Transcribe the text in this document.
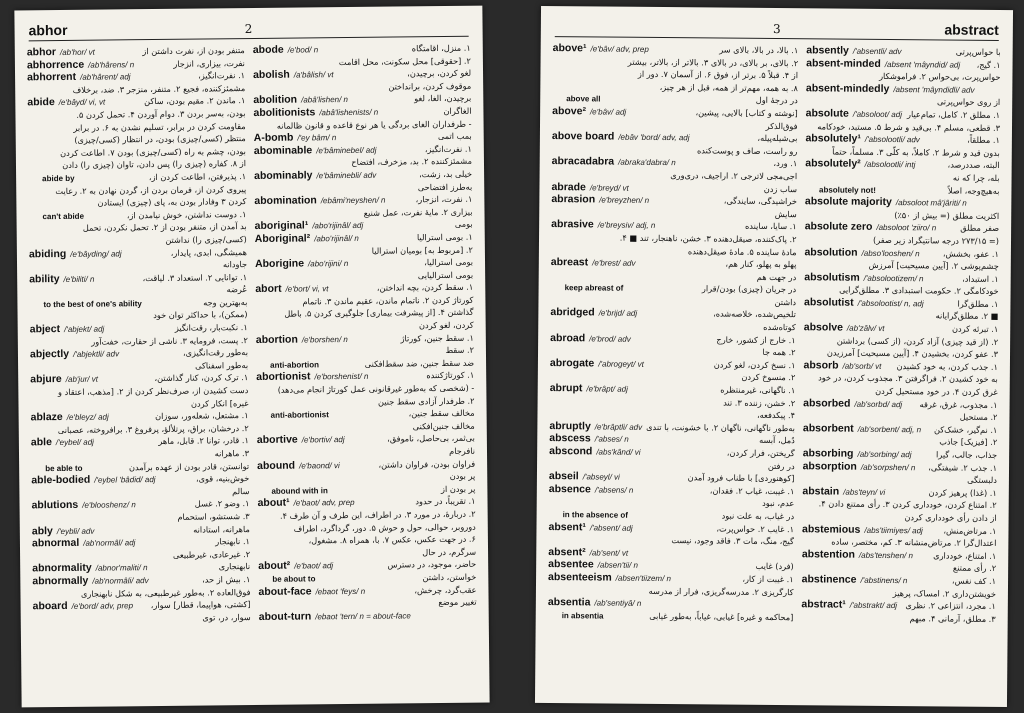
abhor	2
abhor /ab'hor/ vt	متنفر بودن از، نفرت داشتن از
abhorrence /ab'hârens/ n	نفرت، بیزاری، انزجار
abhorrent /ab'hârent/ adj	۱. نفرت‌انگیز،
مشمئزکننده، فجیع ۲. متنفر، منزجر ۳. ضد، برخلاف
abide /e'bâyd/ vi, vt	۱. ماندن ۲. مقیم بودن، ساکن
بودن، به‌سر بردن ۳. دوام آوردن ۴. تحمل کردن ۵.
مقاومت کردن در برابر، تسلیم نشدن به ۶. در برابر
منتظر (کسی/چیزی) بودن، در انتظار (کسی/چیزی)
بودن، چشم به راه (کسی/چیزی) بودن ۷. اطاعت کردن
از ۸. کفاره (چیزی را) پس دادن، تاوان (چیزی را) دادن
abide by	۱. پذیرفتن، اطاعت کردن از،
پیروی کردن از، فرمان بردن از، گردن نهادن به ۲. رعایت
کردن ۳ وفادار بودن به، پای (چیزی) ایستادن
can't abide	۱. دوست نداشتن، خوش نیامدن از،
بد آمدن از، متنفر بودن از ۲. تحمل نکردن، تحمل
(کسی/چیزی را) نداشتن
abiding /e'bâyding/ adj	همیشگی، ابدی، پایدار،
جاودانه
ability /e'biliti/ n	۱. توانایی ۲. استعداد ۳. لیاقت،
عُرضه
to the best of one's ability	به‌بهترین وجه
(ممکن)، با حداکثر توان خود
abject /'abjekt/ adj	۱. نکبت‌بار، رقت‌انگیز
۲. پست، فرومایه ۳. ناشی از حقارت، خفت‌آور
abjectly /'abjektli/ adv	به‌طور رقت‌انگیزی،
به‌طور اسفناکی
abjure /ab'jur/ vt	۱. ترک کردن، کنار گذاشتن،
دست کشیدن از، صرف‌نظر کردن از ۲. [مذهب، اعتقاد و
غیره] انکار کردن
ablaze /e'bleyz/ adj	۱. مشتعل، شعله‌ور، سوزان
۲. درخشان، براق، پرتلألؤ، پرفروغ ۳. برافروخته، عصبانی
able /'eybel/ adj	۱. قادر، توانا ۲. قابل، ماهر
۳. ماهرانه
be able to	توانستن، قادر بودن از عهده برآمدن
able-bodied /'eybel 'bâdid/ adj	خوش‌بنیه، قوی،
سالم
ablutions /e'blooshenz/ n	۱. وضو ۲. غسل
۳. شستشو، استحمام
ably /'eybli/ adv	ماهرانه، استادانه
abnormal /ab'normâl/ adj	۱. نابهنجار
۲. غیرعادی، غیرطبیعی
abnormality /abnor'maliti/ n	نابهنجاری
abnormally /ab'normâli/ adv	۱. بیش از حد،
فوق‌العاده ۲. به‌طور غیرطبیعی، به شکل نابهنجاری
aboard /e'bord/ adv, prep	[کشتی، هواپیما، قطار] سوار،
سوار، در، توی
abode /e'bod/ n	۱. منزل، اقامتگاه
۲. [حقوقی] محل سکونت، محل اقامت
abolish /a'bâlish/ vt	لغو کردن، برچیدن،
موقوف کردن، برانداختن
abolition /abâ'lishen/ n	برچیدن، الغا، لغو
abolitionists /abâ'lishenists/ n	الغاگران
- طرفداران الغای بردگی یا هر نوع قاعده و قانون ظالمانه
A-bomb /'ey bâm/ n	بمب اتمی
abominable /e'bâminebel/ adj	۱. نفرت‌انگیز،
مشمئزکننده ۲. بد، مزخرف، افتضاح
abominably /e'bâminebli/ adv	خیلی بد، زشت،
به‌طرز افتضاحی
abomination /ebâmi'neyshen/ n	۱. نفرت، انزجار،
بیزاری ۲. مایهٔ نفرت، عمل شنیع
aboriginal¹ /abo'rijinâl/ adj	بومی
Aboriginal² /abo'rijinâl/ n	۱. بومی استرالیا
۲. [مربوط به] بومیان استرالیا
Aborigine /abo'rijini/ n	بومی استرالیا،
بومی استرالیایی
abort /e'bort/ vi, vt	۱. سقط کردن، بچه انداختن،
کورتاژ کردن ۲. ناتمام ماندن، عقیم ماندن ۳. ناتمام
گذاشتن ۴. [از پیشرفت بیماری] جلوگیری کردن ۵. باطل
کردن، لغو کردن
abortion /e'borshen/ n	۱. سقط جنین، کورتاژ
۲. سقط
anti-abortion	ضد سقط جنین، ضد سقط‌افکنی
abortionist /e'borshenist/ n	۱. کورتاژکننده
- (شخصی که به‌طور غیرقانونی عمل کورتاژ انجام می‌دهد)
۲. طرفدار آزادی سقط جنین
anti-abortionist	مخالف سقط جنین،
مخالف جنین‌افکنی
abortive /e'bortiv/ adj	بی‌ثمر، بی‌حاصل، ناموفق،
نافرجام
abound /e'baond/ vi	فراوان بودن، فراوان داشتن،
پر بودن
abound with in	پر بودن از
about¹ /e'baot/ adv, prep	۱. تقریباً، در حدود
۲. دربارهٔ، در مورد ۳. در اطراف، این طرف و آن طرف ۴.
دوروبر، حوالی، حول و حوش ۵. دور، گرداگرد، اطراف
۶. در جهت عکس، عکس ۷. با، همراه ۸. مشغول،
سرگرم، در حال
about² /e'baot/ adj	حاضر، موجود، در دسترس
be about to	خواستن، داشتن
about-face /ebaot 'feys/ n	عقب‌گرد، چرخش،
تغییر موضع
about-turn /ebaot 'tern/ n = about-face
3	abstract
above¹ /e'bâv/ adv, prep	۱. بالا، در بالا، بالای سر
۲. بالای، بر بالای، در بالای ۳. بالاتر از، بالاتر، بیشتر
از ۴. قبلاً ۵. برتر از، فوق ۶. از آسمان ۷. دور از
۸. به همه، مهم‌تر از همه، قبل از هر چیز،
above all	در درجهٔ اول
above² /e'bâv/ adj	[نوشته و کتاب] بالایی، پیشین،
فوق‌الذکر
above board /ebâv 'bord/ adv, adj	بی‌شیله‌پیله،
رو راست، صاف و پوست‌کنده
abracadabra /abraka'dabra/ n	۱. ورد،
اجی‌مجی لاترجی ۲. اراجیف، دری‌وری
abrade /e'breyd/ vt	ساب زدن
abrasion /e'breyzhen/ n	خراشیدگی، سایندگی،
سایش
abrasive /e'breysiv/ adj, n	۱. سایا، ساینده
۲. پاک‌کننده، صیقل‌دهنده ۳. خشن، ناهنجار، تند ■ ۴.
مادهٔ ساینده ۵. مادهٔ صیقل‌دهنده
abreast /e'brest/ adv	پهلو به پهلو، کنار هم،
در جهت هم
keep abreast of	در جریان (چیزی) بودن/قرار
داشتن
abridged /e'brijd/ adj	تلخیص‌شده، خلاصه‌شده،
کوتاه‌شده
abroad /e'brod/ adv	۱. خارج از کشور، خارج
۲. همه جا
abrogate /'abrogeyt/ vt	۱. نسخ کردن، لغو کردن
۲. منسوخ کردن
abrupt /e'brâpt/ adj	۱. ناگهانی، غیرمنتظره
۲. خشن، زننده ۳. تند
۴. پیکدفعه،
abruptly /e'brâptli/ adv به‌طور ناگهانی، ناگهان ۲. با خشونت، با تندی
abscess /'abses/ n	دُمل، آبسه
abscond /abs'kând/ vi	گریختن، فرار کردن،
در رفتن
abseil /'abseyl/ vi	[کوهنوردی] با طناب فرود آمدن
absence /'absens/ n	۱. غیبت، غیاب ۲. فقدان،
عدم، نبود
in the absence of	در غیاب، به علت نبود
absent¹ /'absent/ adj	۱. غایب ۲. حواس‌پرت،
گیج، منگ، مات ۳. فاقد وجود، نیست
absent² /ab'sent/ vt
absentee /absen'tii/ n	(فرد) غایب
absenteeism /absen'tiizem/ n	۱. غیبت از کار،
کارگریزی ۲. مدرسه‌گریزی، فرار از مدرسه
absentia /ab'sentiyâ/ n
in absentia	[محاکمه و غیره] غیابی، غیاباً، به‌طور غیابی
absently /'absentli/ adv	با حواس‌پرتی
absent-minded /absent 'mâyndid/ adj	۱. گیج،
حواس‌پرت، بی‌حواس ۲. فراموشکار
absent-mindedly /absent 'mâyndidli/ adv
از روی حواس‌پرتی
absolute /'absoloot/ adj ۱. مطلق ۲. کامل، تمام‌عیار
۳. قطعی، مسلم ۴. بی‌قید و شرط ۵. مستبد، خودکامه
absolutely¹ /'absolootli/ adv	۱. مطلقاً،
بدون قید و شرط ۲. کاملاً، به کلّی ۳. مسلماً، حتماً
absolutely² /absolootli/ intj	البته، صددرصد،
بله، چرا که نه
absolutely not!	به‌هیچ‌وجه، اصلاً
absolute majority /absoloot mâ'jâriti/ n
اکثریت مطلق (= بیش از ۵۰٪)
absolute zero /absoloot 'ziiro/ n	صفر مطلق
(= ۲۷۳/۱۵ درجه سانتیگراد زیر صفر)
absolution /abso'looshen/ n	۱. عفو، بخشش،
چشم‌پوشی ۲. [آیین مسیحیت] آمرزش
absolutism /'absolootizem/ n	۱. استبداد،
خودکامگی ۲. حکومت استبدادی ۳. مطلق‌گرایی
absolutist /'absolootist/ n, adj	۱. مطلق‌گرا
■ ۲. مطلق‌گرایانه
absolve /ab'zâlv/ vt	۱. تبرئه کردن
۲. (از قید چیزی) آزاد کردن، (از کسی) برداشتن
۳. عفو کردن، بخشیدن ۴. [آیین مسیحیت] آمرزیدن
absorb /ab'sorb/ vt	۱. جذب کردن، به خود کشیدن
به خود کشیدن ۲. فراگرفتن ۳. مجذوب کردن، در خود
غرق کردن ۴. در خود مستحیل کردن
absorbed /ab'sorbd/ adj	۱. مجذوب، غرق، غرقه
۲. مستحیل
absorbent /ab'sorbent/ adj, n	۱. نم‌گیر، خشک‌کن
۲. [فیزیک] جاذب
absorbing /ab'sorbing/ adj	جذاب، جالب، گیرا
absorption /ab'sorpshen/ n	۱. جذب ۲. شیفتگی،
دلبستگی
abstain /abs'teyn/ vi	۱. (غذا) پرهیز کردن
۲. امتناع کردن، خودداری کردن ۳. رأی ممتنع دادن ۴.
از دادن رأی خودداری کردن
abstemious /abs'tiimiyes/ adj	۱. مرتاض‌منش،
اعتدال‌گرا ۲. مرتاض‌منشانه ۳. کم، مختصر، ساده
abstention /abs'tenshen/ n	۱. امتناع، خودداری
۲. رأی ممتنع
abstinence /'abstinens/ n	۱. کف نفس،
خویشتن‌داری ۲. امساک، پرهیز
abstract¹ /'abstrakt/ adj	۱. مجرد، انتزاعی ۲. نظری
۳. مطلق، آرمانی ۴. مبهم
